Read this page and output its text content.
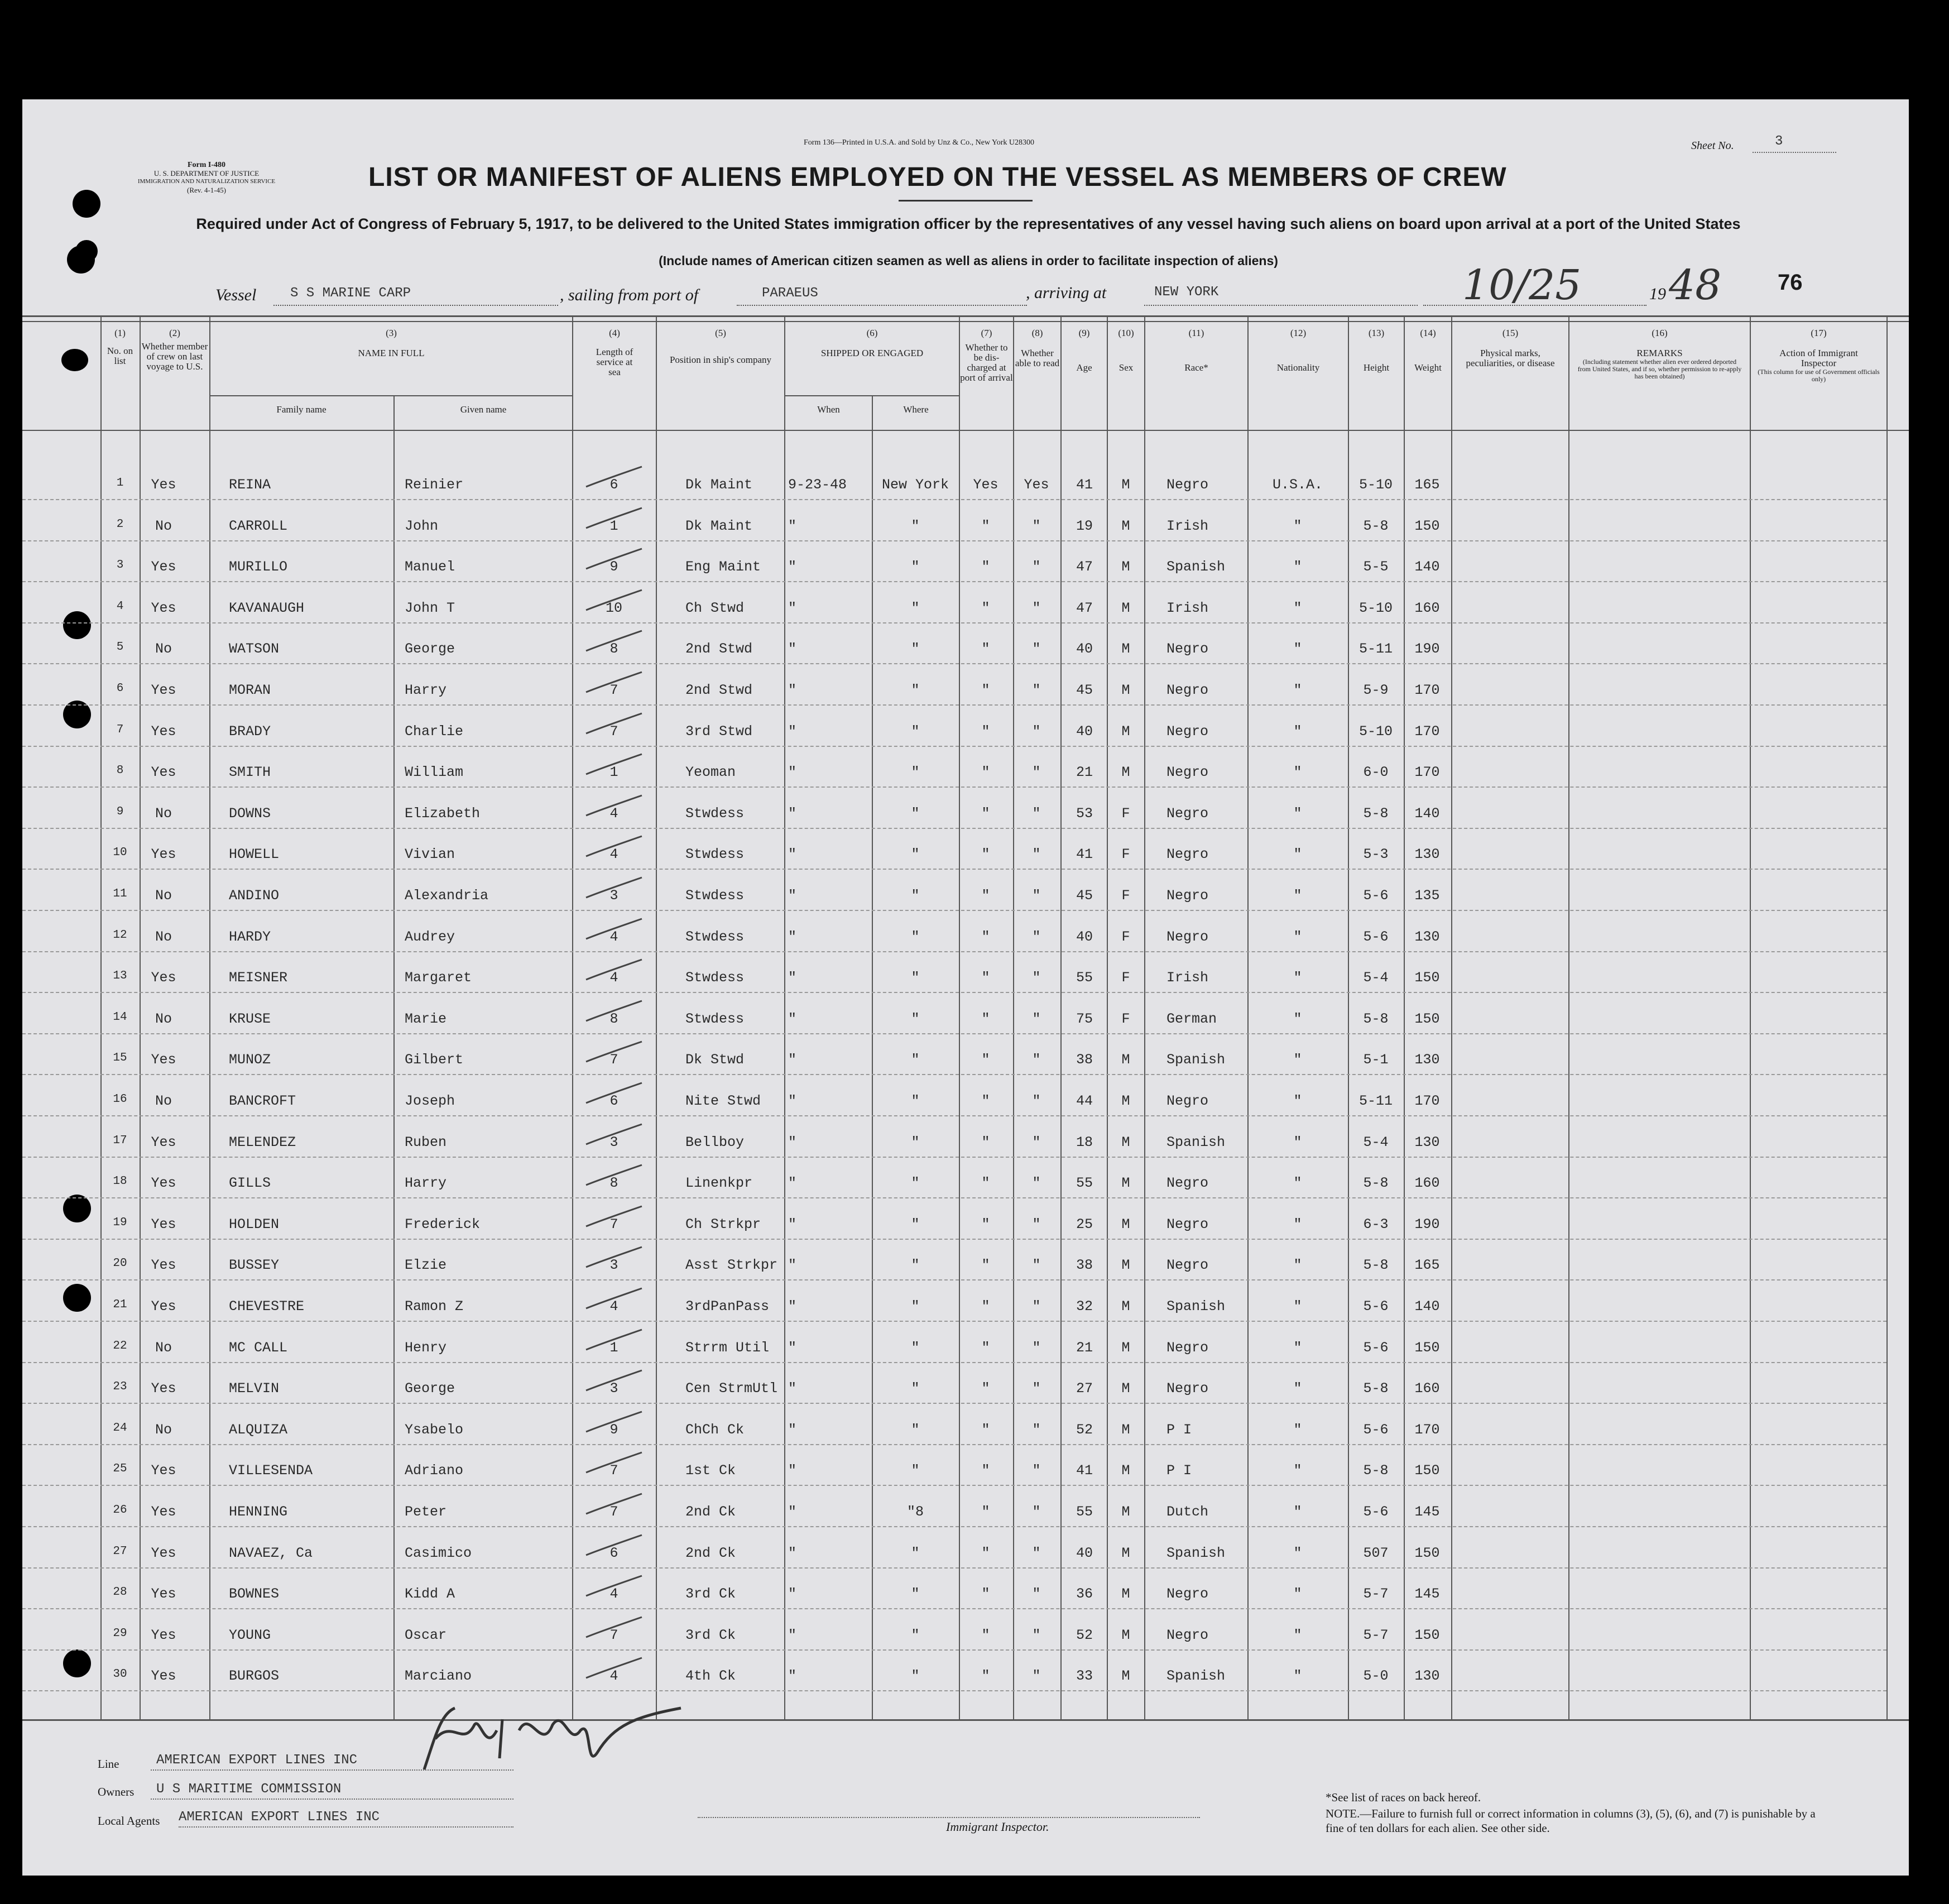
Form I-480
U. S. DEPARTMENT OF JUSTICE
IMMIGRATION AND NATURALIZATION SERVICE
(Rev. 4-1-45)
Form 136—Printed in U.S.A. and Sold by Unz & Co., New York U28300	Sheet No.	3
LIST OR MANIFEST OF ALIENS EMPLOYED ON THE VESSEL AS MEMBERS OF CREW
Required under Act of Congress of February 5, 1917, to be delivered to the United States immigration officer by the representatives of any vessel having such aliens on board upon arrival at a port of the United States
(Include names of American citizen seamen as well as aliens in order to facilitate inspection of aliens)
Vessel	S S MARINE CARP	, sailing from port of	PARAEUS	, arriving at	NEW YORK	10/25	19 48	76
(1)
No. on list
(2)
Whether member of crew on last voyage to U.S.
(3)
NAME IN FULL
Family name	Given name
(4)
Length of service at sea
(5)
Position in ship's company
(6)
SHIPPED OR ENGAGED
When	Where
(7)
Whether to be dis-charged at port of arrival
(8)
Whether able to read
(9)
Age
(10)
Sex
(11)
Race*
(12)
Nationality
(13)
Height
(14)
Weight
(15)
Physical marks, peculiarities, or disease
(16)
REMARKS
(Including statement whether alien ever ordered deported from United States, and if so, whether permission to re-apply has been obtained)
(17)
Action of Immigrant Inspector
(This column for use of Government officials only)
1	Yes	REINA	Reinier	6	Dk Maint	9-23-48	New York	Yes	Yes	41	M	Negro	U.S.A.	5-10	165
2	No	CARROLL	John	1	Dk Maint	"	"	"	"	19	M	Irish	"	5-8	150
3	Yes	MURILLO	Manuel	9	Eng Maint "	"	"	"	47	M	Spanish	"	5-5	140
4	Yes	KAVANAUGH	John T	10	Ch Stwd	"	"	"	"	47	M	Irish	"	5-10	160
5	No	WATSON	George	8	2nd Stwd	"	"	"	"	40	M	Negro	"	5-11	190
6	Yes	MORAN	Harry	7	2nd Stwd	"	"	"	"	45	M	Negro	"	5-9	170
7	Yes	BRADY	Charlie	7	3rd Stwd	"	"	"	"	40	M	Negro	"	5-10	170
8	Yes	SMITH	William	1	Yeoman	"	"	"	"	21	M	Negro	"	6-0	170
9	No	DOWNS	Elizabeth	4	Stwdess	"	"	"	"	53	F	Negro	"	5-8	140
10	Yes	HOWELL	Vivian	4	Stwdess	"	"	"	"	41	F	Negro	"	5-3	130
11	No	ANDINO	Alexandria	3	Stwdess	"	"	"	"	45	F	Negro	"	5-6	135
12	No	HARDY	Audrey	4	Stwdess	"	"	"	"	40	F	Negro	"	5-6	130
13	Yes	MEISNER	Margaret	4	Stwdess	"	"	"	"	55	F	Irish	"	5-4	150
14	No	KRUSE	Marie	8	Stwdess	"	"	"	"	75	F	German	"	5-8	150
15	Yes	MUNOZ	Gilbert	7	Dk Stwd	"	"	"	"	38	M	Spanish	"	5-1	130
16	No	BANCROFT	Joseph	6	Nite Stwd "	"	"	"	44	M	Negro	"	5-11	170
17	Yes	MELENDEZ	Ruben	3	Bellboy	"	"	"	"	18	M	Spanish	"	5-4	130
18	Yes	GILLS	Harry	8	Linenkpr	"	"	"	"	55	M	Negro	"	5-8	160
19	Yes	HOLDEN	Frederick	7	Ch Strkpr "	"	"	"	25	M	Negro	"	6-3	190
20	Yes	BUSSEY	Elzie	3	Asst Strkpr "	"	"	"	38	M	Negro	"	5-8	165
21	Yes	CHEVESTRE	Ramon Z	4	3rdPanPass "	"	"	"	32	M	Spanish	"	5-6	140
22	No	MC CALL	Henry	1	Strrm Util "	"	"	"	21	M	Negro	"	5-6	150
23	Yes	MELVIN	George	3	Cen StrmUtl "	"	"	"	27	M	Negro	"	5-8	160
24	No	ALQUIZA	Ysabelo	9	ChCh Ck	"	"	"	"	52	M	P I	"	5-6	170
25	Yes	VILLESENDA	Adriano	7	1st Ck	"	"	"	"	41	M	P I	"	5-8	150
26	Yes	HENNING	Peter	7	2nd Ck	"	"8	"	"	55	M	Dutch	"	5-6	145
27	Yes	NAVAEZ, Ca	Casimico	6	2nd Ck	"	"	"	"	40	M	Spanish	"	507	150
28	Yes	BOWNES	Kidd A	4	3rd Ck	"	"	"	"	36	M	Negro	"	5-7	145
29	Yes	YOUNG	Oscar	7	3rd Ck	"	"	"	"	52	M	Negro	"	5-7	150
30	Yes	BURGOS	Marciano	4	4th Ck	"	"	"	"	33	M	Spanish	"	5-0	130
Line	AMERICAN EXPORT LINES INC
Owners U S MARITIME COMMISSION
Local Agents AMERICAN EXPORT LINES INC
Immigrant Inspector.
*See list of races on back hereof.
NOTE.—Failure to furnish full or correct information in columns (3), (5), (6), and (7) is punishable by a fine of ten dollars for each alien. See other side.
